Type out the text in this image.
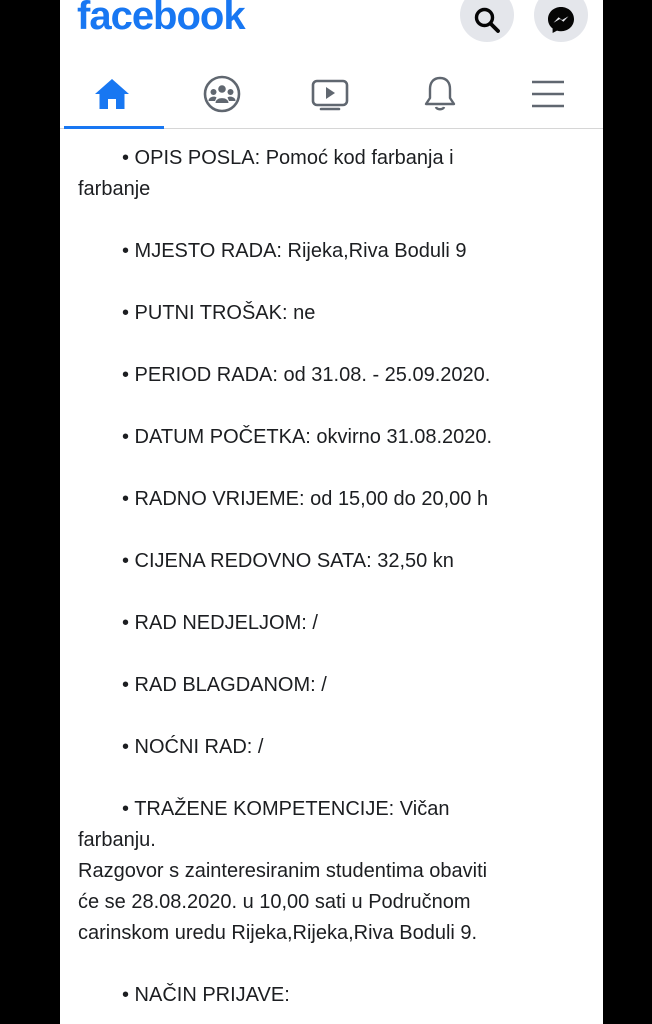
facebook

• OPIS POSLA: Pomoć kod farbanja i
farbanje

• MJESTO RADA: Rijeka,Riva Boduli 9

• PUTNI TROŠAK: ne

• PERIOD RADA: od 31.08. - 25.09.2020.

• DATUM POČETKA: okvirno 31.08.2020.

• RADNO VRIJEME: od 15,00 do 20,00 h

• CIJENA REDOVNO SATA: 32,50 kn

• RAD NEDJELJOM: /

• RAD BLAGDANOM: /

• NOĆNI RAD: /

• TRAŽENE KOMPETENCIJE: Vičan
farbanju.
Razgovor s zainteresiranim studentima obaviti
će se 28.08.2020. u 10,00 sati u Područnom
carinskom uredu Rijeka,Rijeka,Riva Boduli 9.

• NAČIN PRIJAVE:
